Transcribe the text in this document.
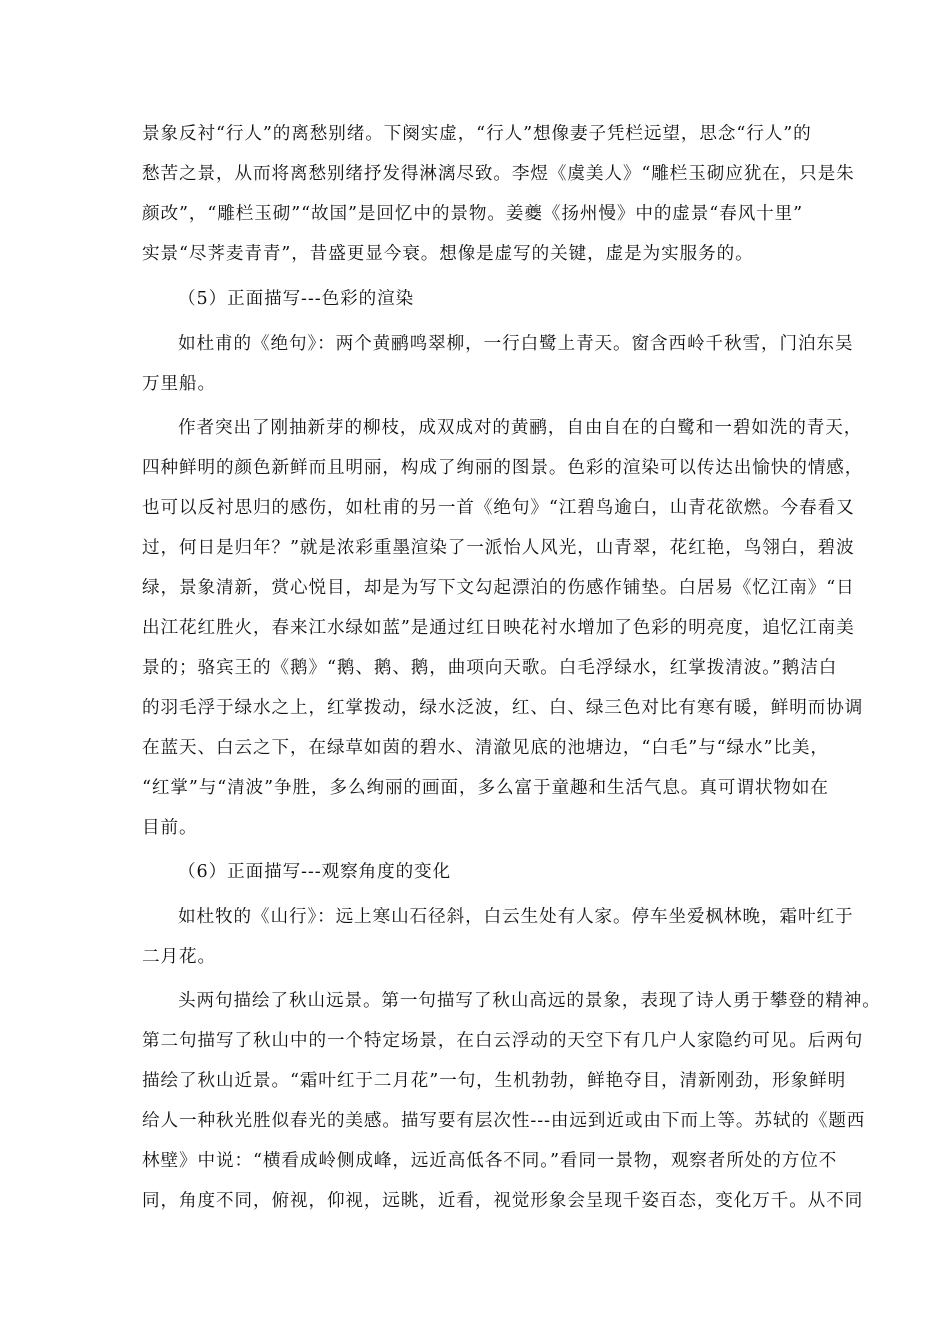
景象反衬“行人”的离愁别绪。下阕实虚，“行人”想像妻子凭栏远望，思念“行人”的
愁苦之景，从而将离愁别绪抒发得淋漓尽致。李煜《虞美人》“雕栏玉砌应犹在，只是朱
颜改”，“雕栏玉砌”“故国”是回忆中的景物。姜夔《扬州慢》中的虚景“春风十里”
实景“尽荠麦青青”，昔盛更显今衰。想像是虚写的关键，虚是为实服务的。
（5）正面描写---色彩的渲染
如杜甫的《绝句》：两个黄鹂鸣翠柳，一行白鹭上青天。窗含西岭千秋雪，门泊东吴
万里船。
作者突出了刚抽新芽的柳枝，成双成对的黄鹂，自由自在的白鹭和一碧如洗的青天，
四种鲜明的颜色新鲜而且明丽，构成了绚丽的图景。色彩的渲染可以传达出愉快的情感，
也可以反衬思归的感伤，如杜甫的另一首《绝句》“江碧鸟逾白，山青花欲燃。今春看又
过，何日是归年？”就是浓彩重墨渲染了一派怡人风光，山青翠，花红艳，鸟翎白，碧波
绿，景象清新，赏心悦目，却是为写下文勾起漂泊的伤感作铺垫。白居易《忆江南》“日
出江花红胜火，春来江水绿如蓝”是通过红日映花衬水增加了色彩的明亮度，追忆江南美
景的；骆宾王的《鹅》“鹅、鹅、鹅，曲项向天歌。白毛浮绿水，红掌拨清波。”鹅洁白
的羽毛浮于绿水之上，红掌拨动，绿水泛波，红、白、绿三色对比有寒有暖，鲜明而协调
在蓝天、白云之下，在绿草如茵的碧水、清澈见底的池塘边，“白毛”与“绿水”比美，
“红掌”与“清波”争胜，多么绚丽的画面，多么富于童趣和生活气息。真可谓状物如在
目前。
（6）正面描写---观察角度的变化
如杜牧的《山行》：远上寒山石径斜，白云生处有人家。停车坐爱枫林晚，霜叶红于
二月花。
头两句描绘了秋山远景。第一句描写了秋山高远的景象，表现了诗人勇于攀登的精神。
第二句描写了秋山中的一个特定场景，在白云浮动的天空下有几户人家隐约可见。后两句
描绘了秋山近景。“霜叶红于二月花”一句，生机勃勃，鲜艳夺目，清新刚劲，形象鲜明
给人一种秋光胜似春光的美感。描写要有层次性---由远到近或由下而上等。苏轼的《题西
林壁》中说：“横看成岭侧成峰，远近高低各不同。”看同一景物，观察者所处的方位不
同，角度不同，俯视，仰视，远眺，近看，视觉形象会呈现千姿百态，变化万千。从不同
